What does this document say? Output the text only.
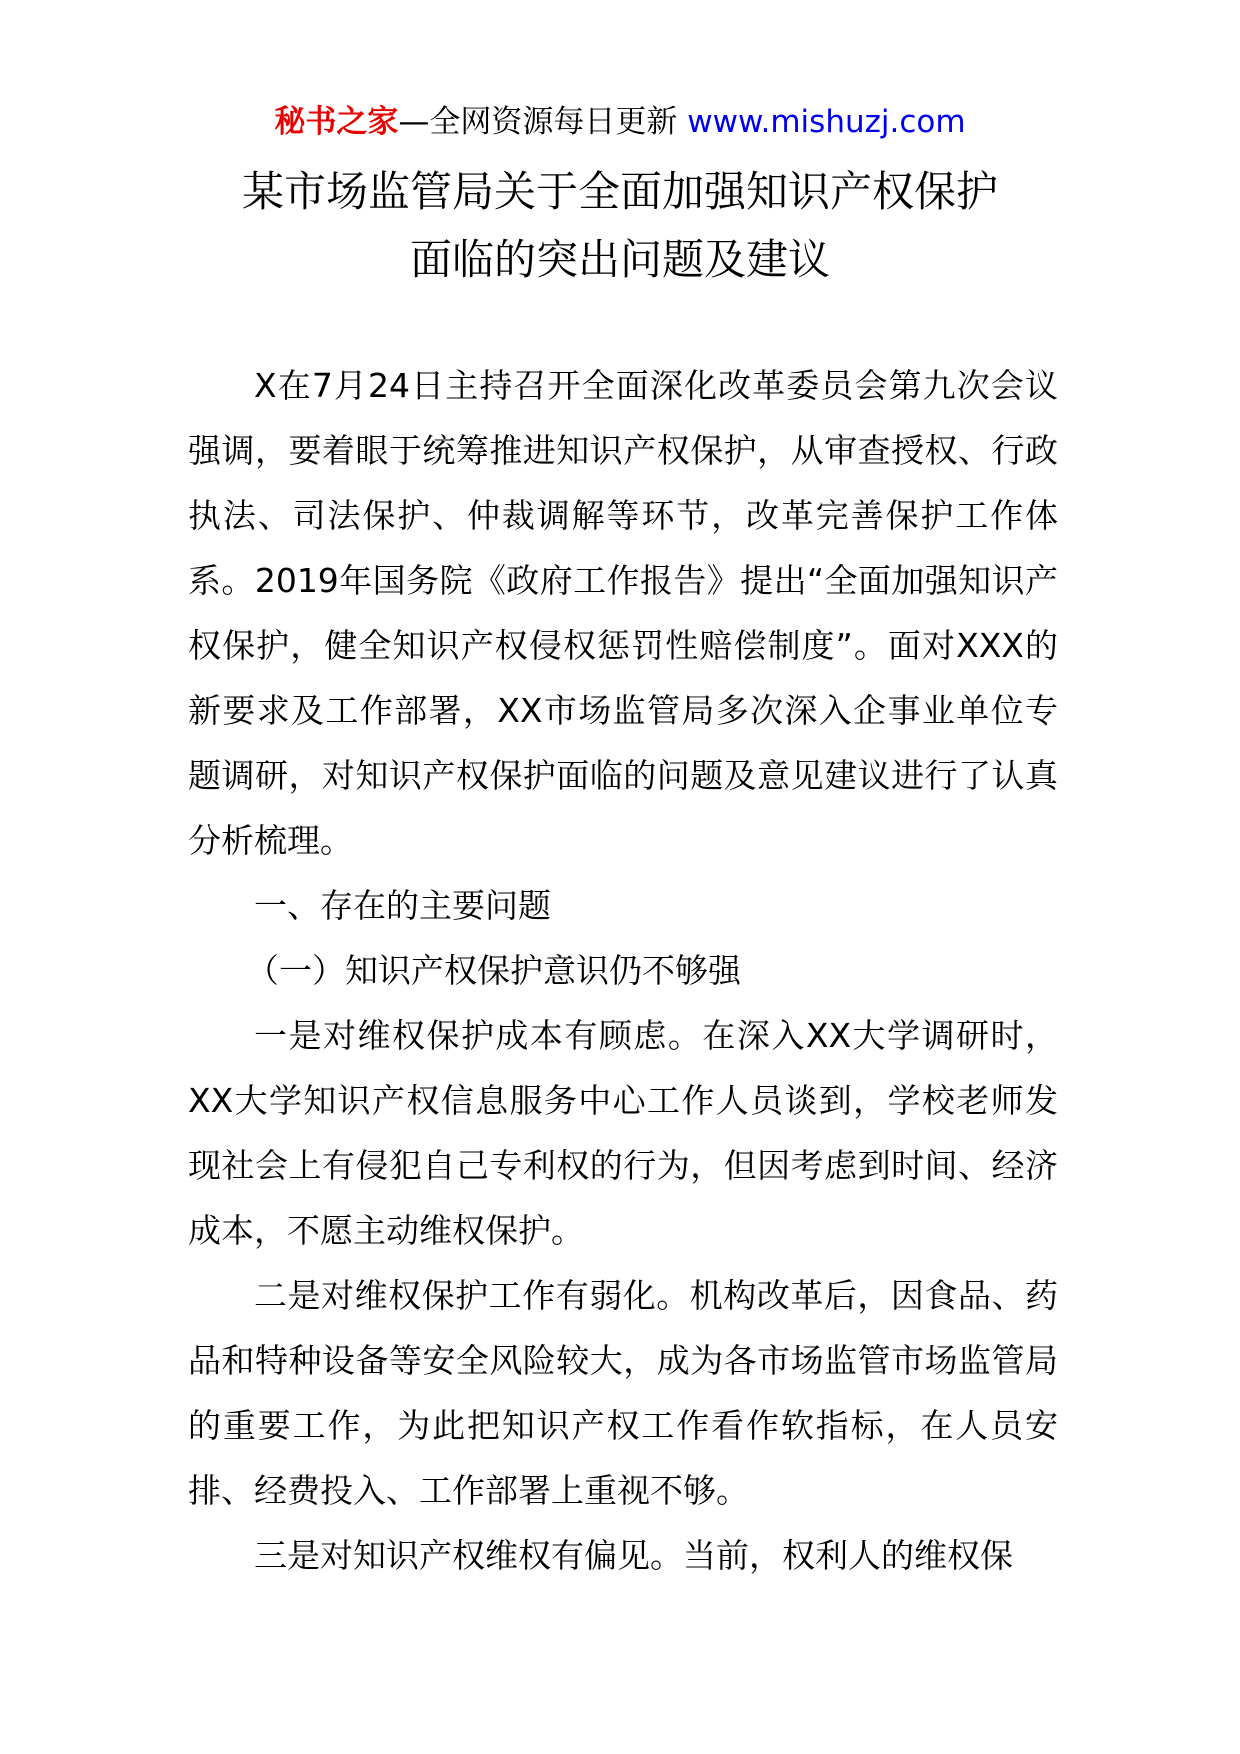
秘书之家—全网资源每日更新 www.mishuzj.com
某市场监管局关于全面加强知识产权保护
面临的突出问题及建议

X在7月24日主持召开全面深化改革委员会第九次会议强调，要着眼于统筹推进知识产权保护，从审查授权、行政执法、司法保护、仲裁调解等环节，改革完善保护工作体系。2019年国务院《政府工作报告》提出“全面加强知识产权保护，健全知识产权侵权惩罚性赔偿制度”。面对XXX的新要求及工作部署，XX市场监管局多次深入企事业单位专题调研，对知识产权保护面临的问题及意见建议进行了认真分析梳理。

一、存在的主要问题

（一）知识产权保护意识仍不够强

一是对维权保护成本有顾虑。在深入XX大学调研时，XX大学知识产权信息服务中心工作人员谈到，学校老师发现社会上有侵犯自己专利权的行为，但因考虑到时间、经济成本，不愿主动维权保护。

二是对维权保护工作有弱化。机构改革后，因食品、药品和特种设备等安全风险较大，成为各市场监管市场监管局的重要工作，为此把知识产权工作看作软指标，在人员安排、经费投入、工作部署上重视不够。

三是对知识产权维权有偏见。当前，权利人的维权保
